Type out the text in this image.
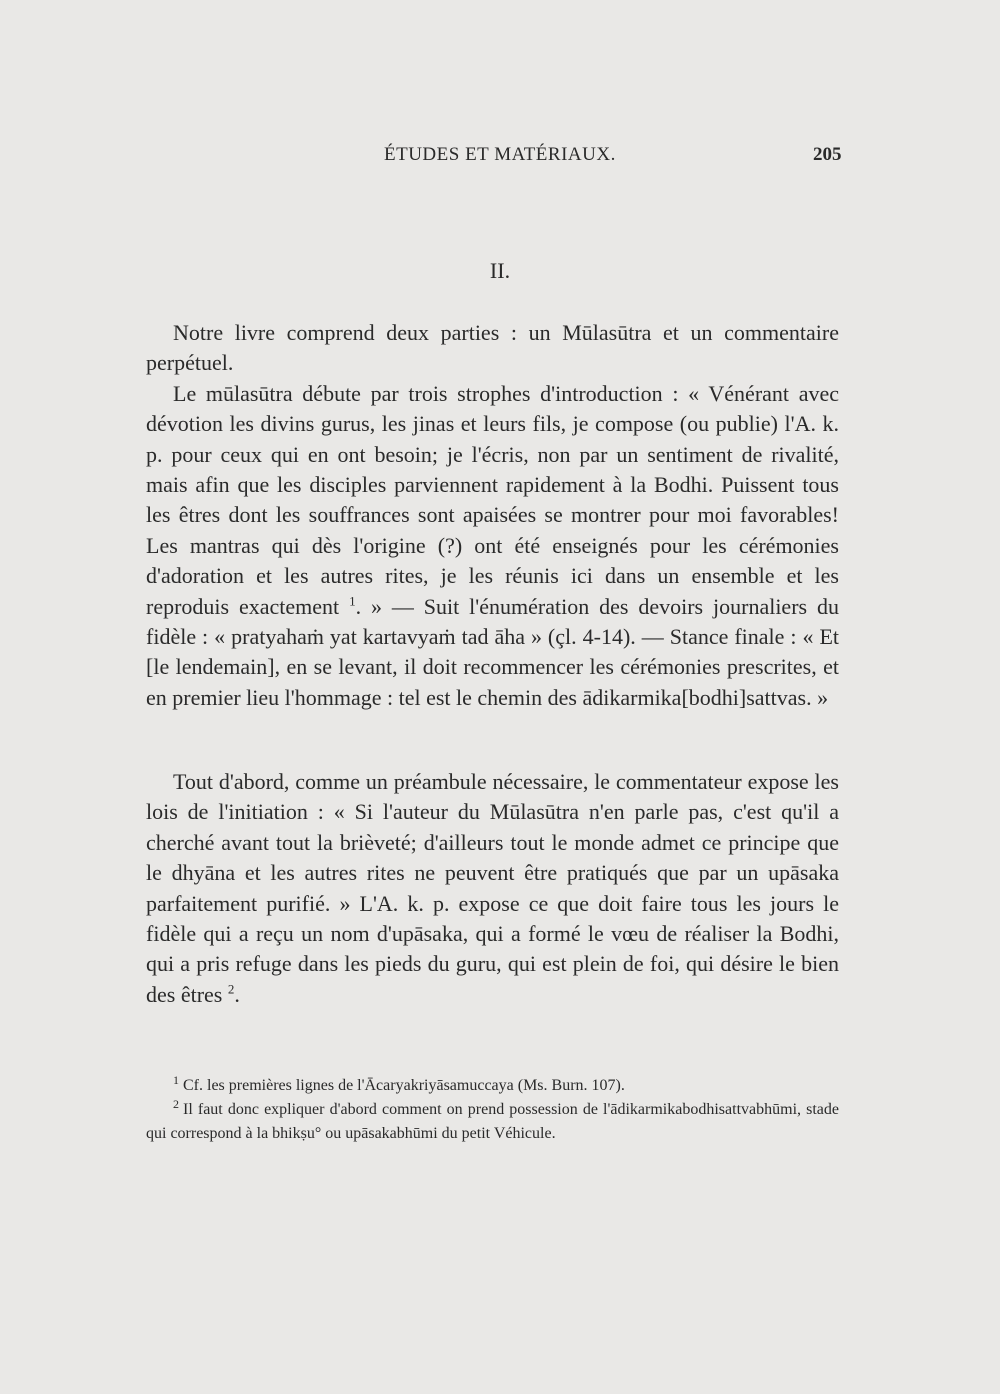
ÉTUDES ET MATÉRIAUX.	205
II.

Notre livre comprend deux parties : un Mūlasūtra et un commentaire perpétuel.

Le mūlasūtra débute par trois strophes d'introduction : « Vénérant avec dévotion les divins gurus, les jinas et leurs fils, je compose (ou publie) l'A. k. p. pour ceux qui en ont besoin; je l'écris, non par un sentiment de rivalité, mais afin que les disciples parviennent rapidement à la Bodhi. Puissent tous les êtres dont les souffrances sont apaisées se montrer pour moi favorables! Les mantras qui dès l'origine (?) ont été enseignés pour les cérémonies d'adoration et les autres rites, je les réunis ici dans un ensemble et les reproduis exactement $^1$. » — Suit l'énumération des devoirs journaliers du fidèle : « pratyahaṁ yat kartavyaṁ tad āha » (çl. 4-14). — Stance finale : « Et [le lendemain], en se levant, il doit recommencer les cérémonies prescrites, et en premier lieu l'hommage : tel est le chemin des ādikarmika[bodhi]sattvas. »

Tout d'abord, comme un préambule nécessaire, le commentateur expose les lois de l'initiation : « Si l'auteur du Mūlasūtra n'en parle pas, c'est qu'il a cherché avant tout la brièveté; d'ailleurs tout le monde admet ce principe que le dhyāna et les autres rites ne peuvent être pratiqués que par un upāsaka parfaitement purifié. » L'A. k. p. expose ce que doit faire tous les jours le fidèle qui a reçu un nom d'upāsaka, qui a formé le vœu de réaliser la Bodhi, qui a pris refuge dans les pieds du guru, qui est plein de foi, qui désire le bien des êtres $^2$.

$^1$ Cf. les premières lignes de l'Ācaryakriyāsamuccaya (Ms. Burn. 107).

$^2$ Il faut donc expliquer d'abord comment on prend possession de l'ādikarmikabodhisattvabhūmi, stade qui correspond à la bhikṣu° ou upāsakabhūmi du petit Véhicule.
